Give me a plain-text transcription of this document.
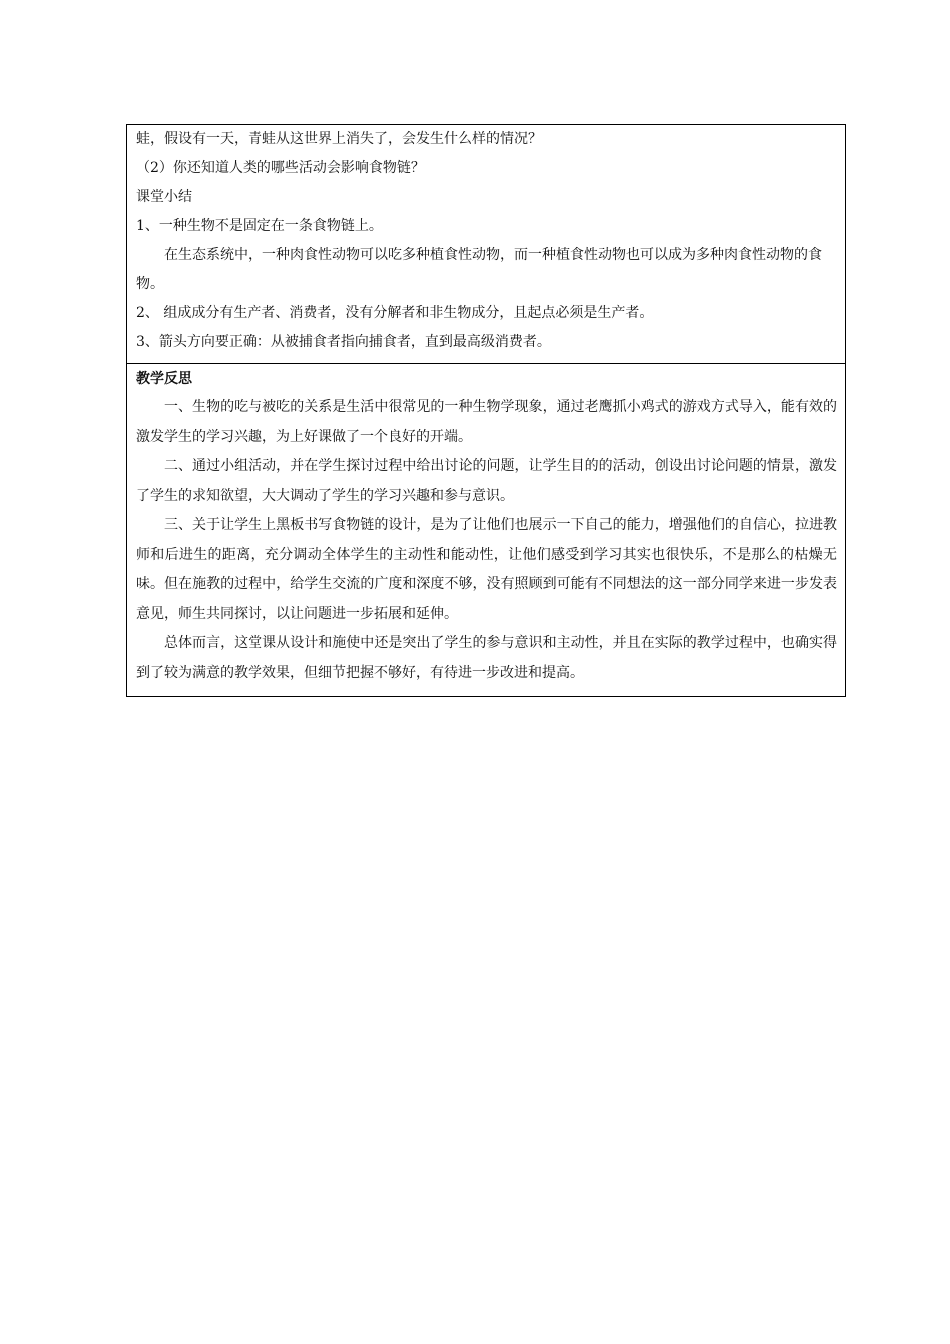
蛙，假设有一天，青蛙从这世界上消失了，会发生什么样的情况？

（2）你还知道人类的哪些活动会影响食物链？

课堂小结

1、一种生物不是固定在一条食物链上。

在生态系统中，一种肉食性动物可以吃多种植食性动物，而一种植食性动物也可以成为多种肉食性动物的食物。

2、 组成成分有生产者、消费者，没有分解者和非生物成分，且起点必须是生产者。

3、箭头方向要正确：从被捕食者指向捕食者，直到最高级消费者。

教学反思

一、生物的吃与被吃的关系是生活中很常见的一种生物学现象，通过老鹰抓小鸡式的游戏方式导入，能有效的激发学生的学习兴趣，为上好课做了一个良好的开端。

二、通过小组活动，并在学生探讨过程中给出讨论的问题，让学生目的的活动，创设出讨论问题的情景，激发了学生的求知欲望，大大调动了学生的学习兴趣和参与意识。

三、关于让学生上黑板书写食物链的设计，是为了让他们也展示一下自己的能力，增强他们的自信心，拉进教师和后进生的距离，充分调动全体学生的主动性和能动性，让他们感受到学习其实也很快乐，不是那么的枯燥无味。但在施教的过程中，给学生交流的广度和深度不够，没有照顾到可能有不同想法的这一部分同学来进一步发表意见，师生共同探讨，以让问题进一步拓展和延伸。

总体而言，这堂课从设计和施使中还是突出了学生的参与意识和主动性，并且在实际的教学过程中，也确实得到了较为满意的教学效果，但细节把握不够好，有待进一步改进和提高。
